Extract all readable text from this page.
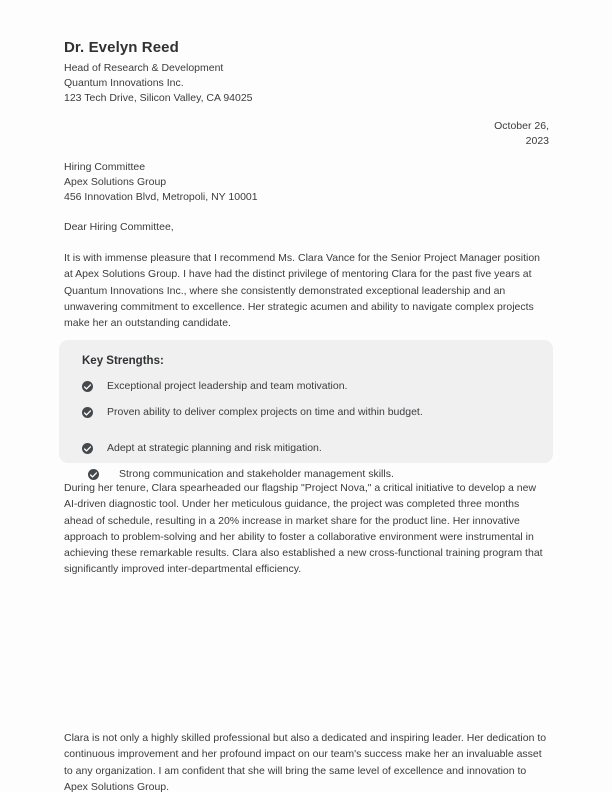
Dr. Evelyn Reed
Head of Research & Development
Quantum Innovations Inc.
123 Tech Drive, Silicon Valley, CA 94025
October 26, 2023
Hiring Committee
Apex Solutions Group
456 Innovation Blvd, Metropoli, NY 10001
Dear Hiring Committee,
It is with immense pleasure that I recommend Ms. Clara Vance for the Senior Project Manager position at Apex Solutions Group. I have had the distinct privilege of mentoring Clara for the past five years at Quantum Innovations Inc., where she consistently demonstrated exceptional leadership and an unwavering commitment to excellence. Her strategic acumen and ability to navigate complex projects make her an outstanding candidate.
Key Strengths:
Exceptional project leadership and team motivation.
Proven ability to deliver complex projects on time and within budget.
Adept at strategic planning and risk mitigation.
Strong communication and stakeholder management skills.
During her tenure, Clara spearheaded our flagship "Project Nova," a critical initiative to develop a new AI-driven diagnostic tool. Under her meticulous guidance, the project was completed three months ahead of schedule, resulting in a 20% increase in market share for the product line. Her innovative approach to problem-solving and her ability to foster a collaborative environment were instrumental in achieving these remarkable results. Clara also established a new cross-functional training program that significantly improved inter-departmental efficiency.
Clara is not only a highly skilled professional but also a dedicated and inspiring leader. Her dedication to continuous improvement and her profound impact on our team's success make her an invaluable asset to any organization. I am confident that she will bring the same level of excellence and innovation to Apex Solutions Group.
